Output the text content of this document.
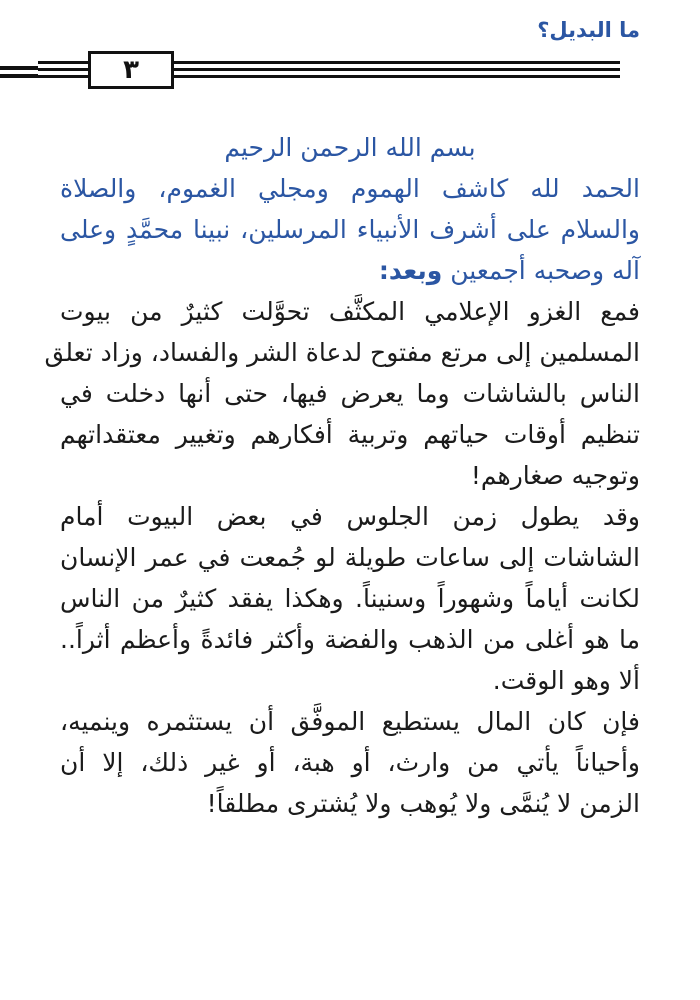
ما البديل؟
٣

بسم الله الرحمن الرحيم

الحمد لله كاشف الهموم ومجلي الغموم، والصلاة
والسلام على أشرف الأنبياء المرسلين، نبينا محمَّدٍ وعلى
آله وصحبه أجمعين وبعد:
فمع الغزو الإعلامي المكثَّف تحوَّلت كثيرٌ من بيوت
المسلمين إلى مرتع مفتوح لدعاة الشر والفساد، وزاد تعلق
الناس بالشاشات وما يعرض فيها، حتى أنها دخلت في
تنظيم أوقات حياتهم وتربية أفكارهم وتغيير معتقداتهم
وتوجيه صغارهم!
وقد يطول زمن الجلوس في بعض البيوت أمام
الشاشات إلى ساعات طويلة لو جُمعت في عمر الإنسان
لكانت أياماً وشهوراً وسنيناً. وهكذا يفقد كثيرٌ من الناس
ما هو أغلى من الذهب والفضة وأكثر فائدةً وأعظم أثراً..
ألا وهو الوقت.
فإن كان المال يستطيع الموفَّق أن يستثمره وينميه،
وأحياناً يأتي من وارث، أو هبة، أو غير ذلك، إلا أن
الزمن لا يُنمَّى ولا يُوهب ولا يُشترى مطلقاً!
